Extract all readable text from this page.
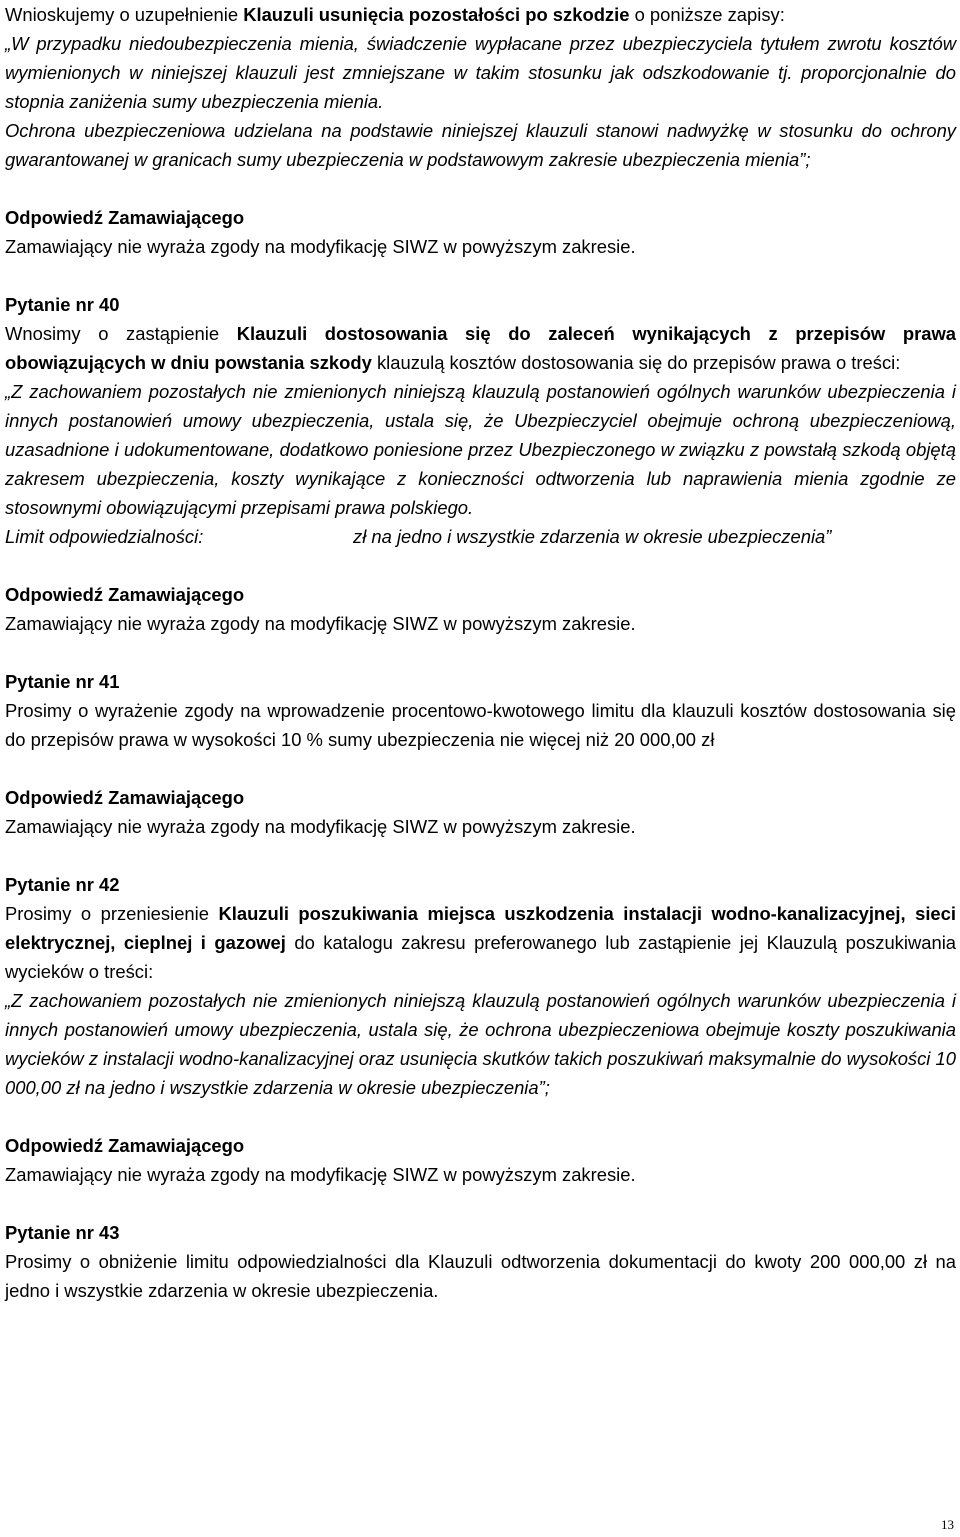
Wnioskujemy o uzupełnienie Klauzuli usunięcia pozostałości po szkodzie o poniższe zapisy:

„W przypadku niedoubezpieczenia mienia, świadczenie wypłacane przez ubezpieczyciela tytułem zwrotu kosztów wymienionych w niniejszej klauzuli jest zmniejszane w takim stosunku jak odszkodowanie tj. proporcjonalnie do stopnia zaniżenia sumy ubezpieczenia mienia.

Ochrona ubezpieczeniowa udzielana na podstawie niniejszej klauzuli stanowi nadwyżkę w stosunku do ochrony gwarantowanej w granicach sumy ubezpieczenia w podstawowym zakresie ubezpieczenia mienia”;

Odpowiedź Zamawiającego

Zamawiający nie wyraża zgody na modyfikację SIWZ w powyższym zakresie.

Pytanie nr 40

Wnosimy o zastąpienie Klauzuli dostosowania się do zaleceń wynikających z przepisów prawa obowiązujących w dniu powstania szkody klauzulą kosztów dostosowania się do przepisów prawa o treści:

„Z zachowaniem pozostałych nie zmienionych niniejszą klauzulą postanowień ogólnych warunków ubezpieczenia i innych postanowień umowy ubezpieczenia, ustala się, że Ubezpieczyciel obejmuje ochroną ubezpieczeniową, uzasadnione i udokumentowane, dodatkowo poniesione przez Ubezpieczonego w związku z powstałą szkodą objętą zakresem ubezpieczenia, koszty wynikające z konieczności odtworzenia lub naprawienia mienia zgodnie ze stosownymi obowiązującymi przepisami prawa polskiego.

Limit odpowiedzialności:	zł na jedno i wszystkie zdarzenia w okresie ubezpieczenia”

Odpowiedź Zamawiającego

Zamawiający nie wyraża zgody na modyfikację SIWZ w powyższym zakresie.

Pytanie nr 41

Prosimy o wyrażenie zgody na wprowadzenie procentowo-kwotowego limitu dla klauzuli kosztów dostosowania się do przepisów prawa w wysokości 10 % sumy ubezpieczenia nie więcej niż 20 000,00 zł

Odpowiedź Zamawiającego

Zamawiający nie wyraża zgody na modyfikację SIWZ w powyższym zakresie.

Pytanie nr 42

Prosimy o przeniesienie Klauzuli poszukiwania miejsca uszkodzenia instalacji wodno-kanalizacyjnej, sieci elektrycznej, cieplnej i gazowej do katalogu zakresu preferowanego lub zastąpienie jej Klauzulą poszukiwania wycieków o treści:

„Z zachowaniem pozostałych nie zmienionych niniejszą klauzulą postanowień ogólnych warunków ubezpieczenia i innych postanowień umowy ubezpieczenia, ustala się, że ochrona ubezpieczeniowa obejmuje koszty poszukiwania wycieków z instalacji wodno-kanalizacyjnej oraz usunięcia skutków takich poszukiwań maksymalnie do wysokości 10 000,00 zł na jedno i wszystkie zdarzenia w okresie ubezpieczenia”;

Odpowiedź Zamawiającego

Zamawiający nie wyraża zgody na modyfikację SIWZ w powyższym zakresie.

Pytanie nr 43

Prosimy o obniżenie limitu odpowiedzialności dla Klauzuli odtworzenia dokumentacji do kwoty 200 000,00 zł na jedno i wszystkie zdarzenia w okresie ubezpieczenia.

13
